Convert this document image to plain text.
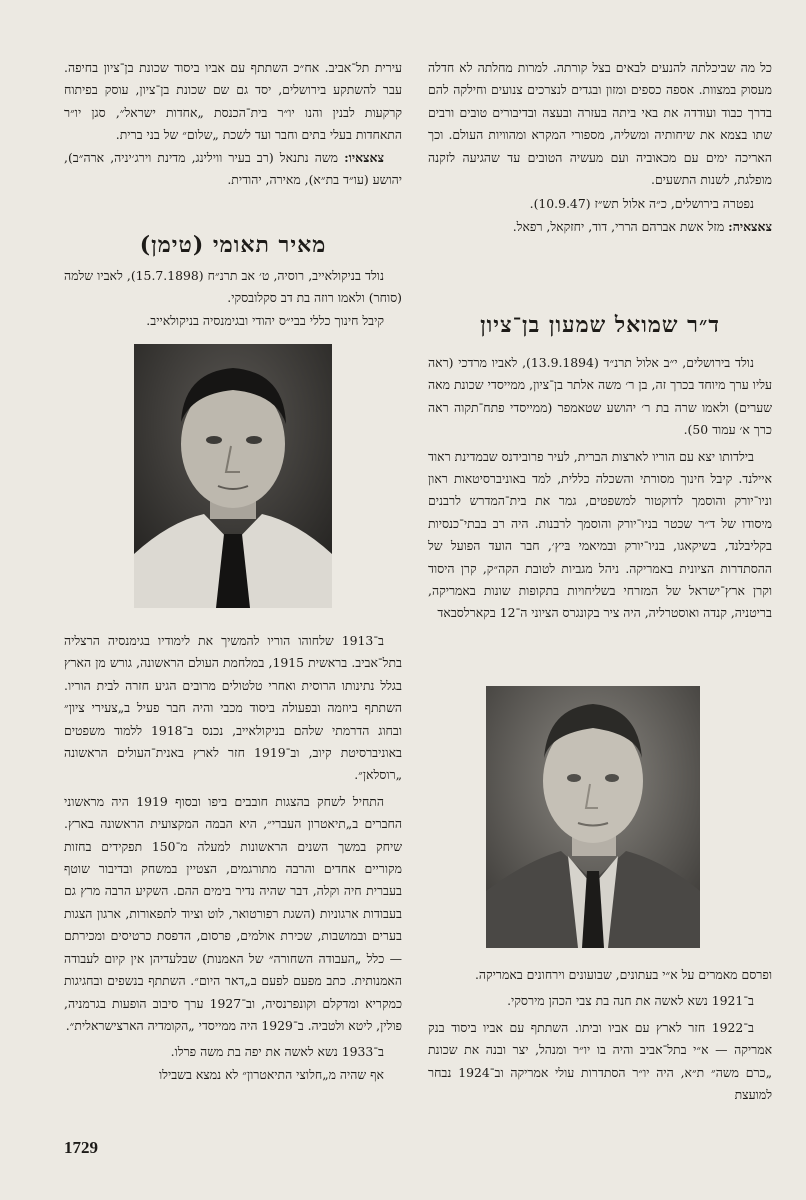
כל מה שביכלתה להנעים לבאים בצל קורתה. למרות מחלתה לא חדלה מעסוק במצוות. אספה כספים ומזון ובגדים לנצרכים צנועים וחילקה להם בדרך כבוד ועודדה את באי ביתה בעזרה ובעצה ובדיבורים טובים ורבים שתו בצמא את שיחותיה ומשליה, מספורי המקרא ומהוויות העולם. וכך האריכה ימים עם מכאוביה ועם מעשיה הטובים עד שהגיעה לזקנה מופלגת, לשנות התשעים.

נפטרה בירושלים, כ״ה אלול תש״ז (10.9.47).

צאצאיה: מזל אשת אברהם הררי, דוד, יחזקאל, רפאל.

ד״ר שמואל שמעון בן־ציון

נולד בירושלים, י״ב אלול תרנ״ד (13.9.1894), לאביו מרדכי (ראה עליו ערך מיוחד בכרך זה, בן ר׳ משה אלתר בן־ציון, ממייסדי שכונת מאה שערים) ולאמו שרה בת ר׳ יהושע שטאמפר (ממייסדי פתח־תקוה ראה כרך א׳ עמוד 50).

בילדותו יצא עם הוריו לארצות הברית, לעיר פרובידנס שבמדינת ראוד איילנד. קיבל חינוך מסורתי והשכלה כללית, למד באוניברסיטאות ראון וניו־יורק והוסמך לדוקטור למשפטים, גמר את בית־המדרש לרבנים מיסודו של ד״ר שכטר בניו־יורק והוסמך לרבנות. היה רב בבתי־כנסיות בקליבלנד, בשיקאגו, בניו־יורק ובמיאמי בּיץ׳, חבר הועד הפועל של ההסתדרות הציונית באמריקה. ניהל מגביות לטובת הקה״ק, קרן היסוד וקרן ארץ־ישראל של המזרחי בשליחויות בתקופות שונות באמריקה, בריטניה, קנדה ואוסטרליה, היה ציר בקונגרס הציוני ה־12 בקארלסבאד

ופרסם מאמרים על א״י בעתונים, שבועונים וירחונים באמריקה.

ב־1921 נשא לאשה את חנה בת צבי הכהן מירסקי.

ב־1922 חזר לארץ עם אביו וביתו. השתתף עם אביו ביסוד בנק אמריקה — א״י בתל־אביב והיה בו יו״ר ומנהל, יצר ובנה את שכונת „כרם משה״ ת״א, היה יו״ר הסתדרות עולי אמריקה וב־1924 נבחר למועצת

עירית תל־אביב. אח״כ השתתף עם אביו ביסוד שכונת בן־ציון בחיפה. עבר להשתקע בירושלים, יסד גם שם שכונת בן־ציון, עוסק בפיתוח קרקעות לבנין והנו יו״ר בית־הכנסת „אחדות ישראל״, סגן יו״ר התאחדות בעלי בתים וחבר ועד לשכת „שלום״ של בני ברית.

צאצאיו: משה נתנאל (רב בעיר ווילינג, מדינת וירג׳יניה, ארה״ב), יהושע (עו״ד בת״א), מאירה, יהודית.

מאיר תאומי (טימן)

נולד בניקולאייב, רוסיה, ט׳ אב תרנ״ח (15.7.1898), לאביו שלמה (סוחר) ולאמו רוזה בת דב סקלובסקי.

קיבל חינוך כללי בבי״ס יהודי ובגימנסיה בניקולאייב.

ב־1913 שלחוהו הוריו להמשיך את לימודיו בגימנסיה הרצליה בתל־אביב. בראשית 1915, במלחמת העולם הראשונה, גורש מן הארץ בגלל נתינותו הרוסית ואחרי טלטולים מרובים הגיע חזרה לבית הוריו. השתתף ביוזמה ובפעולה ביסוד מכבי והיה חבר פעיל ב„צעירי ציון״ ובחוג הדרמתי שלהם בניקולאייב, נכנס ב־1918 ללמוד משפטים באוניברסיטת קיוב, וב־1919 חזר לארץ באנית־העולים הראשונה „רוסלאן״.

התחיל לשחק בהצגות חובבים ביפו ובסוף 1919 היה מראשוני החברים ב„תיאטרון העברי״, היא הבמה המקצועית הראשונה בארץ. שיחק במשך השנים הראשונות למעלה מ־150 תפקידים בחזות מקוריים אחדים והרבה מתורגמים, הצטיין במשחק ובדיבור שוטף בעברית חיה וקלה, דבר שהיה נדיר בימים ההם. השקיע הרבה מרץ גם בעבודות ארגוניות (השגת רפורטואר, לוט וציוד לתפאורות, ארגון הצגות בערים ובמושבות, שכירת אולמים, פרסום, הדפסת כרטיסים ומכירתם — כלל „העבודה השחורה״ של האמנות) שבלעדיהן אין קיום לעבודה האמנותית. כתב מפעם לפעם ב„דאר היום״. השתתף בנשפים ובחגיגות כמקריא ומדקלם וקונפרנסיה, וב־1927 ערך סיבוב הופעות בגרמניה, פולין, ליטא ולטביה. ב־1929 היה ממייסדי „הקומדיה הארצישראלית״.

ב־1933 נשא לאשה את יפה בת משה פרלו.

אף שהיה מ„חלוצי התיאטרון״ לא נמצא בשבילו

1729
